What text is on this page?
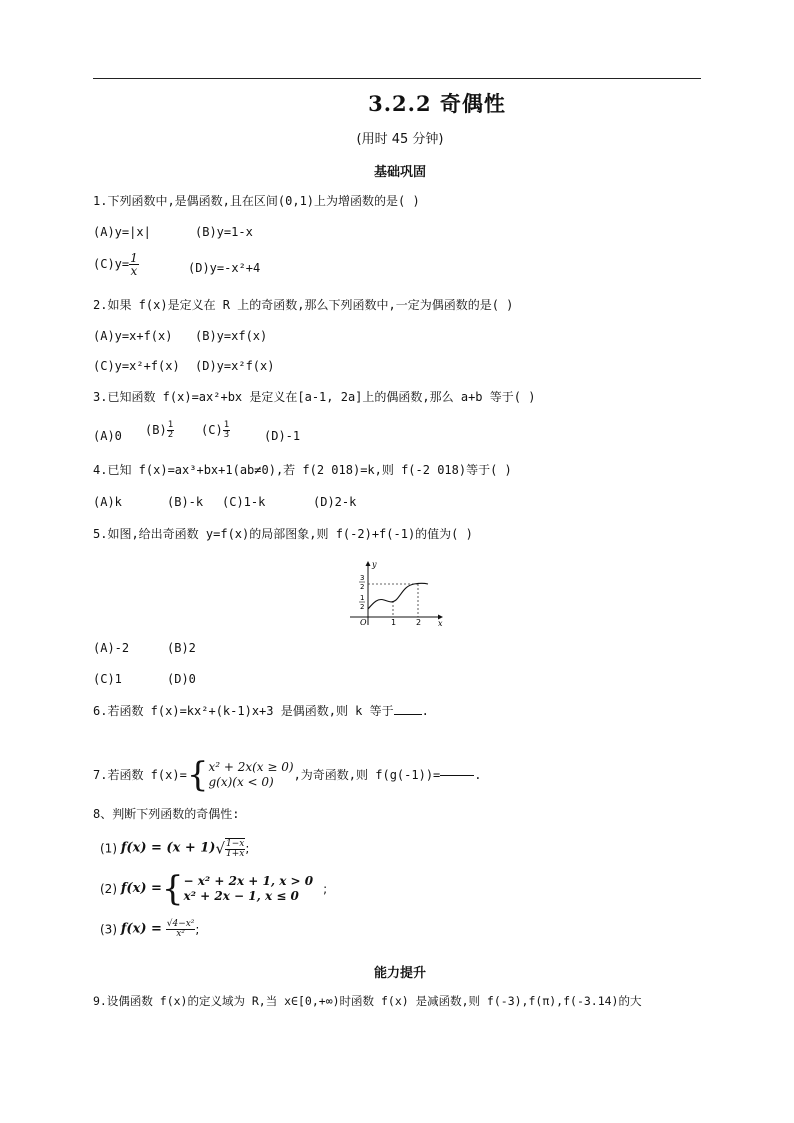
3.2.2 奇偶性
(用时 45 分钟)
基础巩固
1.下列函数中,是偶函数,且在区间(0,1)上为增函数的是( )
(A)y=|x|	(B)y=1-x
$(C)y= \frac{1}{x}$	(D)y=-x²+4
2.如果 f(x)是定义在 R 上的奇函数,那么下列函数中,一定为偶函数的是( )
(A)y=x+f(x) (B)y=xf(x)
(C)y=x²+f(x) (D)y=x²f(x)
3.已知函数 f(x)=ax²+bx 是定义在[a-1, 2a]上的偶函数,那么 a+b 等于( )
(A)0 $(B) \frac{1}{2} (C) \frac{1}{3}$	(D)-1
4.已知 f(x)=ax³+bx+1(ab≠0),若 f(2 018)=k,则 f(-2 018)等于( )
(A)k	(B)-k (C)1-k	(D)2-k
5.如图,给出奇函数 y=f(x)的局部图象,则 f(-2)+f(-1)的值为( )
y
x
O
3
2
1
2
1 2
(A)-2	(B)2
(C)1	(D)0
6.若函数 f(x)=kx²+(k-1)x+3 是偶函数,则 k 等于 .
7.若函数 f(x)={ x² + 2x(x ≥ 0)
g(x)(x < 0)	,为奇函数,则 f(g(-1))=	.
8、判断下列函数的奇偶性:
(1) $f(x) = (x + 1)√ \frac{1-x}{1+x}$ ;
(2) f(x) ={ − x² + 2x + 1, x > 0
x² + 2x − 1, x ≤ 0	;
(3) $f(x) = \frac{\text{√4−x²}}{\text{x²}}$ ;
能力提升
9.设偶函数 f(x)的定义域为 R,当 x∈[0,+∞)时函数 f(x) 是减函数,则 f(-3),f(π),f(-3.14)的大
